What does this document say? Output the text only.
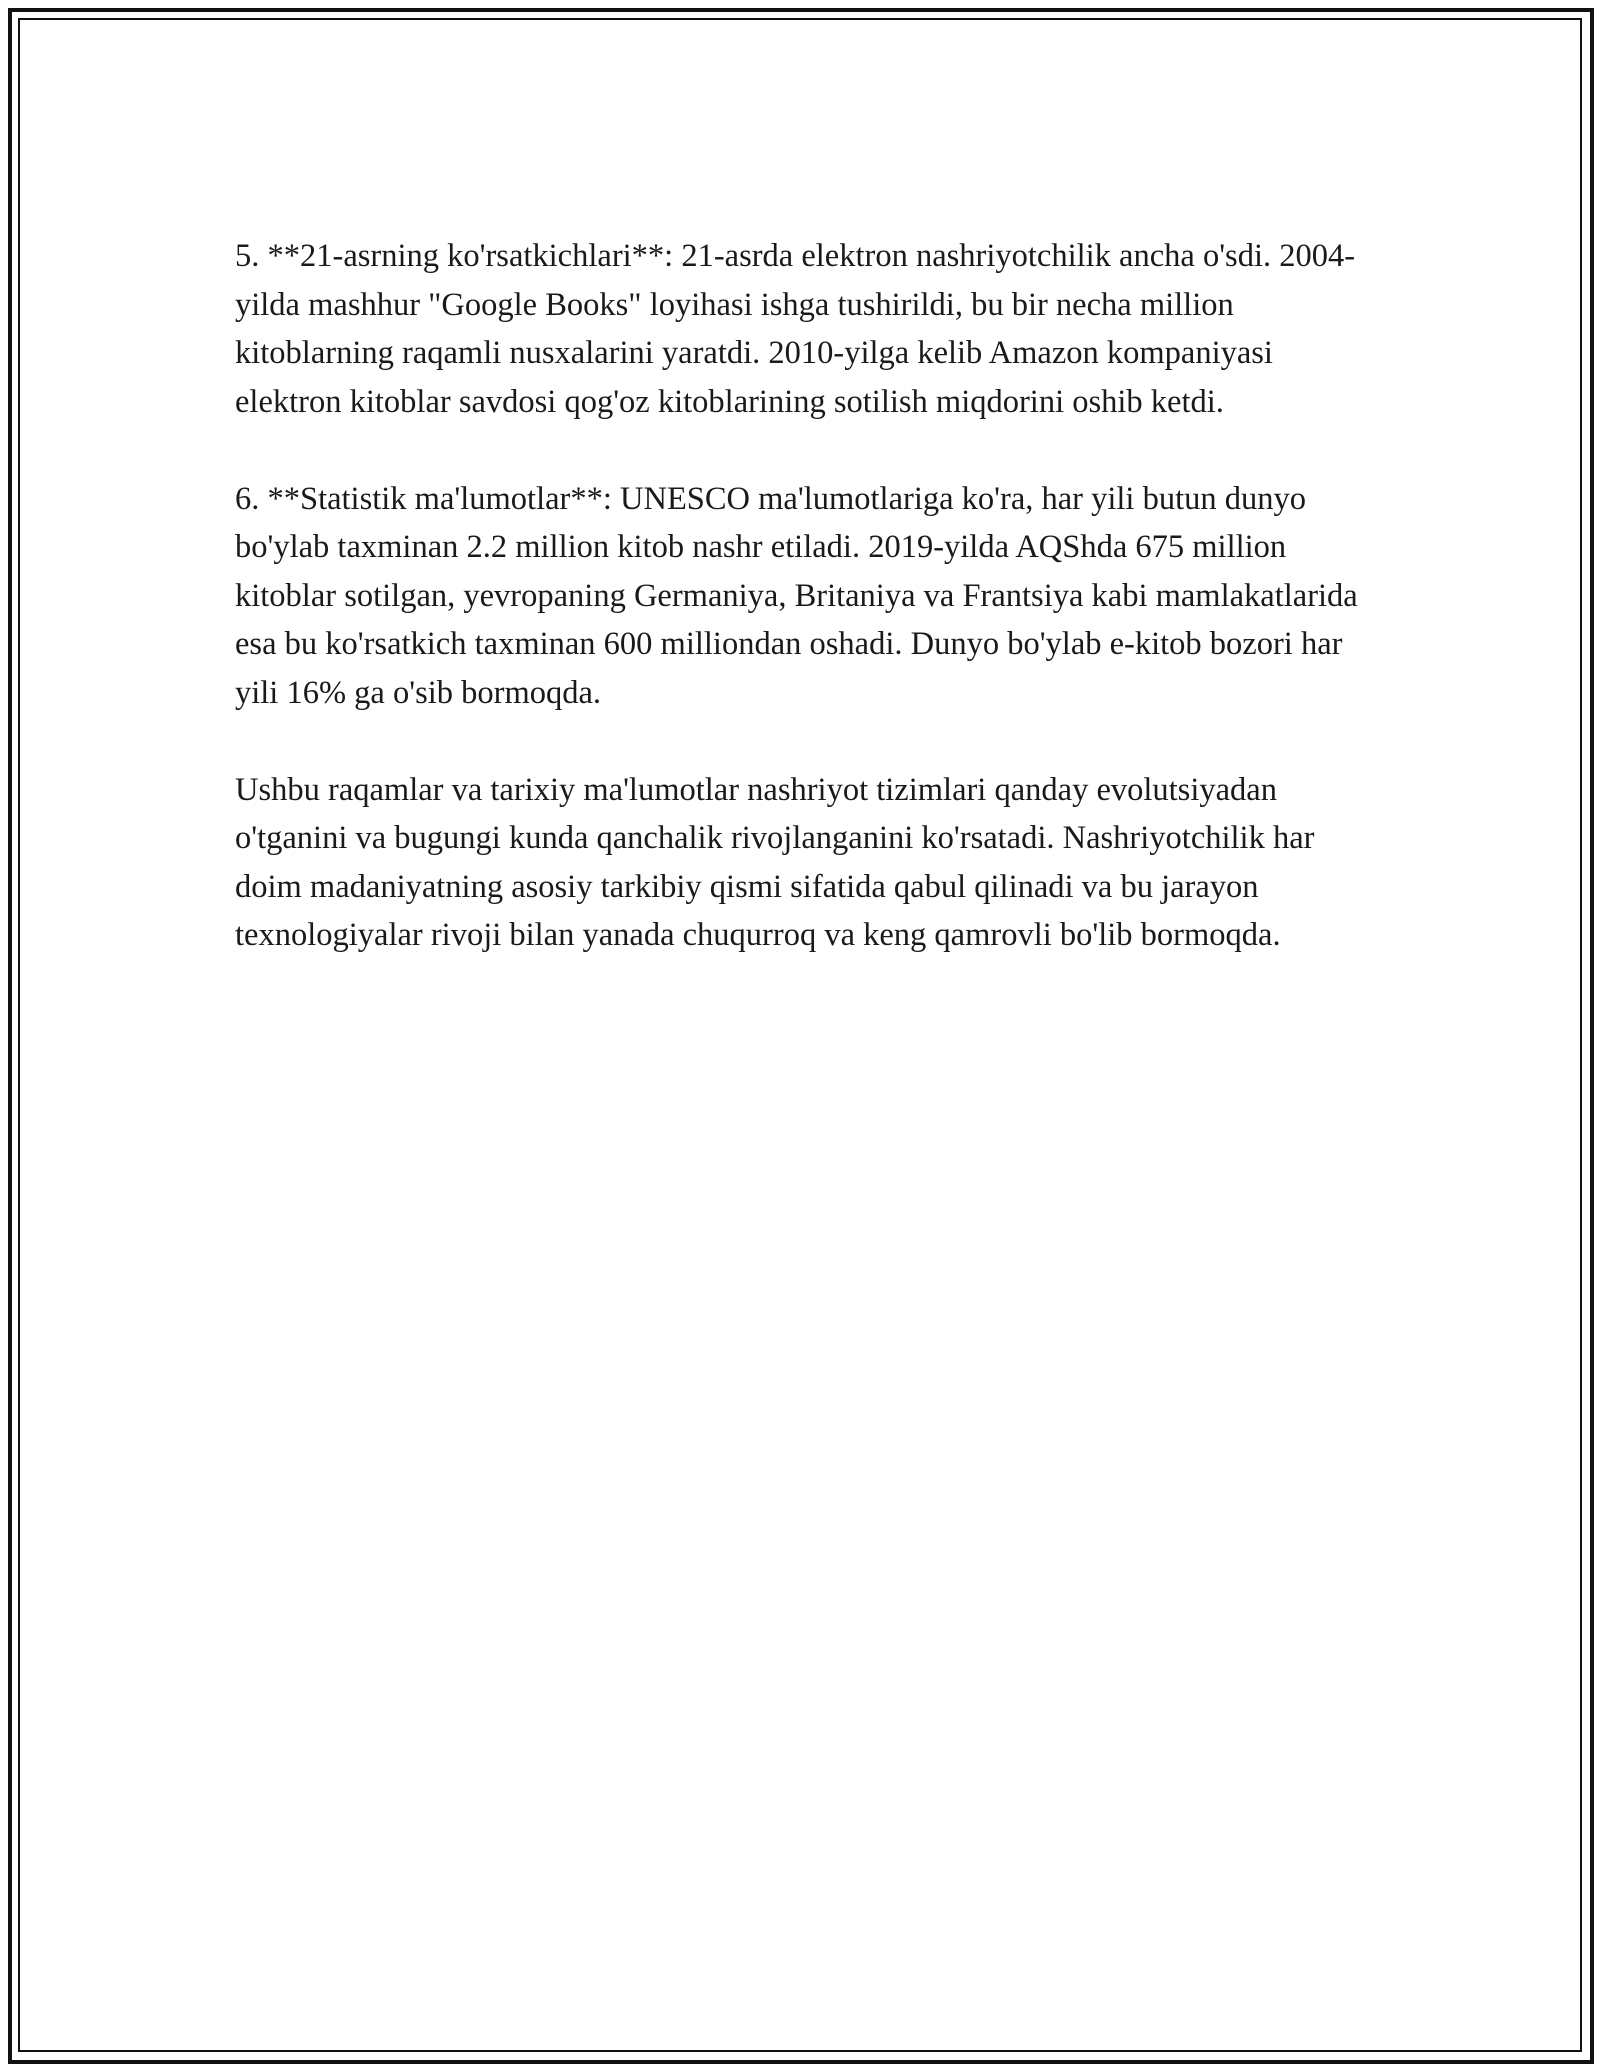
5. **21-asrning ko'rsatkichlari**: 21-asrda elektron nashriyotchilik ancha o'sdi. 2004-yilda mashhur "Google Books" loyihasi ishga tushirildi, bu bir necha million kitoblarning raqamli nusxalarini yaratdi. 2010-yilga kelib Amazon kompaniyasi elektron kitoblar savdosi qog'oz kitoblarining sotilish miqdorini oshib ketdi.

6. **Statistik ma'lumotlar**: UNESCO ma'lumotlariga ko'ra, har yili butun dunyo bo'ylab taxminan 2.2 million kitob nashr etiladi. 2019-yilda AQShda 675 million kitoblar sotilgan, yevropaning Germaniya, Britaniya va Frantsiya kabi mamlakatlarida esa bu ko'rsatkich taxminan 600 milliondan oshadi. Dunyo bo'ylab e-kitob bozori har yili 16% ga o'sib bormoqda.

Ushbu raqamlar va tarixiy ma'lumotlar nashriyot tizimlari qanday evolutsiyadan o'tganini va bugungi kunda qanchalik rivojlanganini ko'rsatadi. Nashriyotchilik har doim madaniyatning asosiy tarkibiy qismi sifatida qabul qilinadi va bu jarayon texnologiyalar rivoji bilan yanada chuqurroq va keng qamrovli bo'lib bormoqda.
